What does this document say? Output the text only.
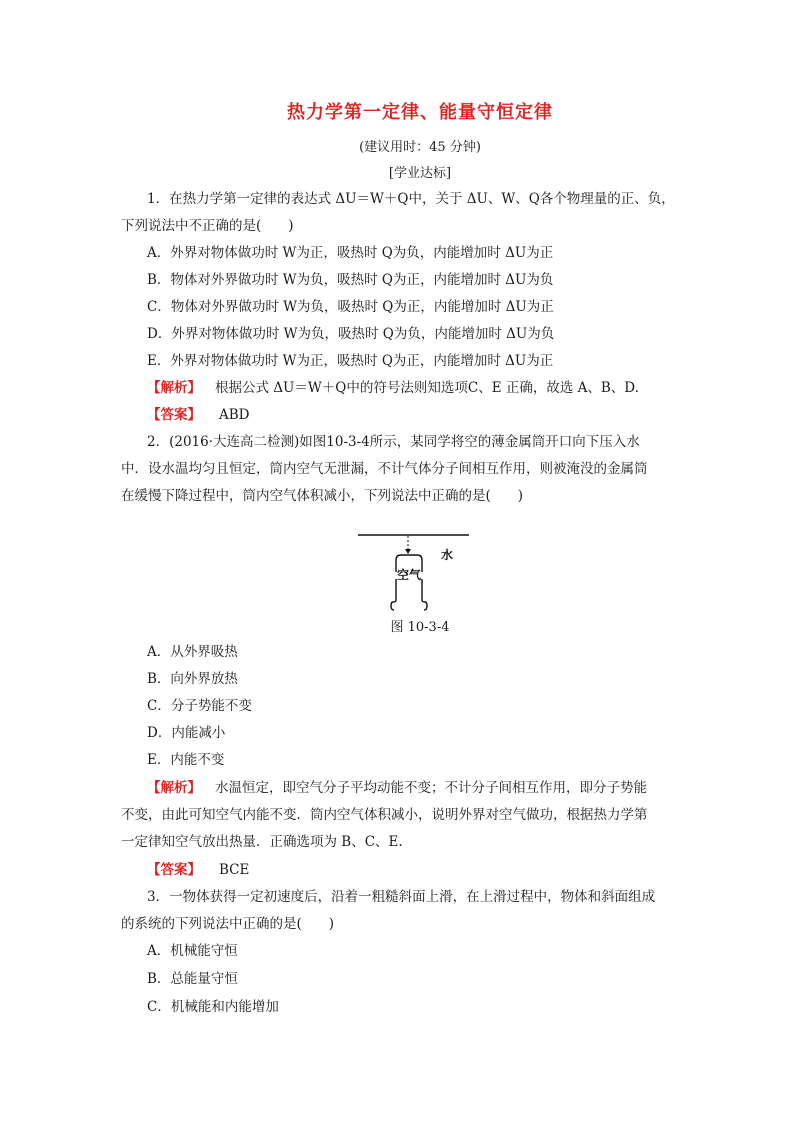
热力学第一定律、能量守恒定律
(建议用时：45 分钟)
[学业达标]
1．在热力学第一定律的表达式 ΔU＝W＋Q中，关于 ΔU、W、Q各个物理量的正、负，
下列说法中不正确的是(　　)
A．外界对物体做功时 W为正，吸热时 Q为负，内能增加时 ΔU为正
B．物体对外界做功时 W为负，吸热时 Q为正，内能增加时 ΔU为负
C．物体对外界做功时 W为负，吸热时 Q为正，内能增加时 ΔU为正
D．外界对物体做功时 W为负，吸热时 Q为负，内能增加时 ΔU为负
E．外界对物体做功时 W为正，吸热时 Q为正，内能增加时 ΔU为正
【解析】 根据公式 ΔU＝W＋Q中的符号法则知选项C、E 正确，故选 A、B、D.
【答案】 ABD
2．(2016·大连高二检测)如图10-3-4所示，某同学将空的薄金属筒开口向下压入水
中．设水温均匀且恒定，筒内空气无泄漏，不计气体分子间相互作用，则被淹没的金属筒
在缓慢下降过程中，筒内空气体积减小，下列说法中正确的是(　　)
空气
水
图 10-3-4
A．从外界吸热
B．向外界放热
C．分子势能不变
D．内能减小
E．内能不变
【解析】 水温恒定，即空气分子平均动能不变；不计分子间相互作用，即分子势能
不变，由此可知空气内能不变．筒内空气体积减小，说明外界对空气做功，根据热力学第
一定律知空气放出热量．正确选项为 B、C、E.
【答案】 BCE
3．一物体获得一定初速度后，沿着一粗糙斜面上滑，在上滑过程中，物体和斜面组成
的系统的下列说法中正确的是(　　)
A．机械能守恒
B．总能量守恒
C．机械能和内能增加
